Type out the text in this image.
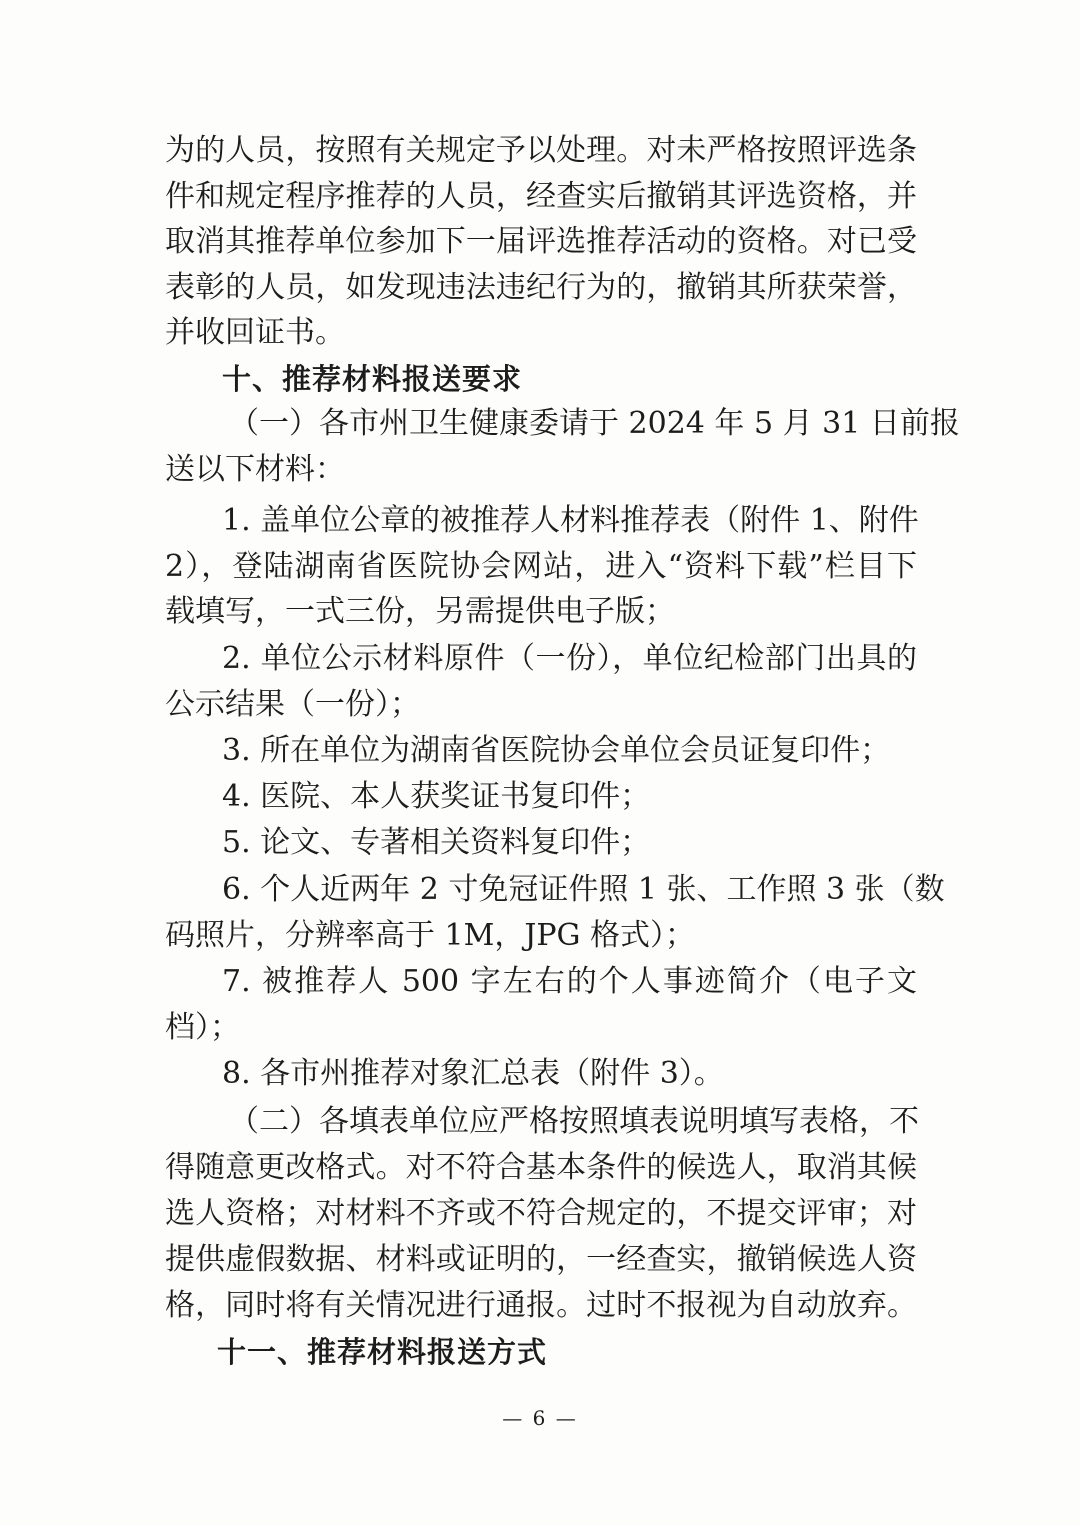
为的人员，按照有关规定予以处理。对未严格按照评选条
件和规定程序推荐的人员，经查实后撤销其评选资格，并
取消其推荐单位参加下一届评选推荐活动的资格。对已受
表彰的人员，如发现违法违纪行为的，撤销其所获荣誉，
并收回证书。
十、推荐材料报送要求
（一）各市州卫生健康委请于 2024 年 5 月 31 日前报
送以下材料：
1. 盖单位公章的被推荐人材料推荐表（附件 1、附件
2），登陆湖南省医院协会网站，进入“资料下载”栏目下
载填写，一式三份，另需提供电子版；
2. 单位公示材料原件（一份），单位纪检部门出具的
公示结果（一份）；
3. 所在单位为湖南省医院协会单位会员证复印件；
4. 医院、本人获奖证书复印件；
5. 论文、专著相关资料复印件；
6. 个人近两年 2 寸免冠证件照 1 张、工作照 3 张（数
码照片，分辨率高于 1M，JPG 格式）；
7. 被推荐人 500 字左右的个人事迹简介（电子文
档）；
8. 各市州推荐对象汇总表（附件 3）。
（二）各填表单位应严格按照填表说明填写表格，不
得随意更改格式。对不符合基本条件的候选人，取消其候
选人资格；对材料不齐或不符合规定的，不提交评审；对
提供虚假数据、材料或证明的，一经查实，撤销候选人资
格，同时将有关情况进行通报。过时不报视为自动放弃。
十一、推荐材料报送方式
— 6 —
